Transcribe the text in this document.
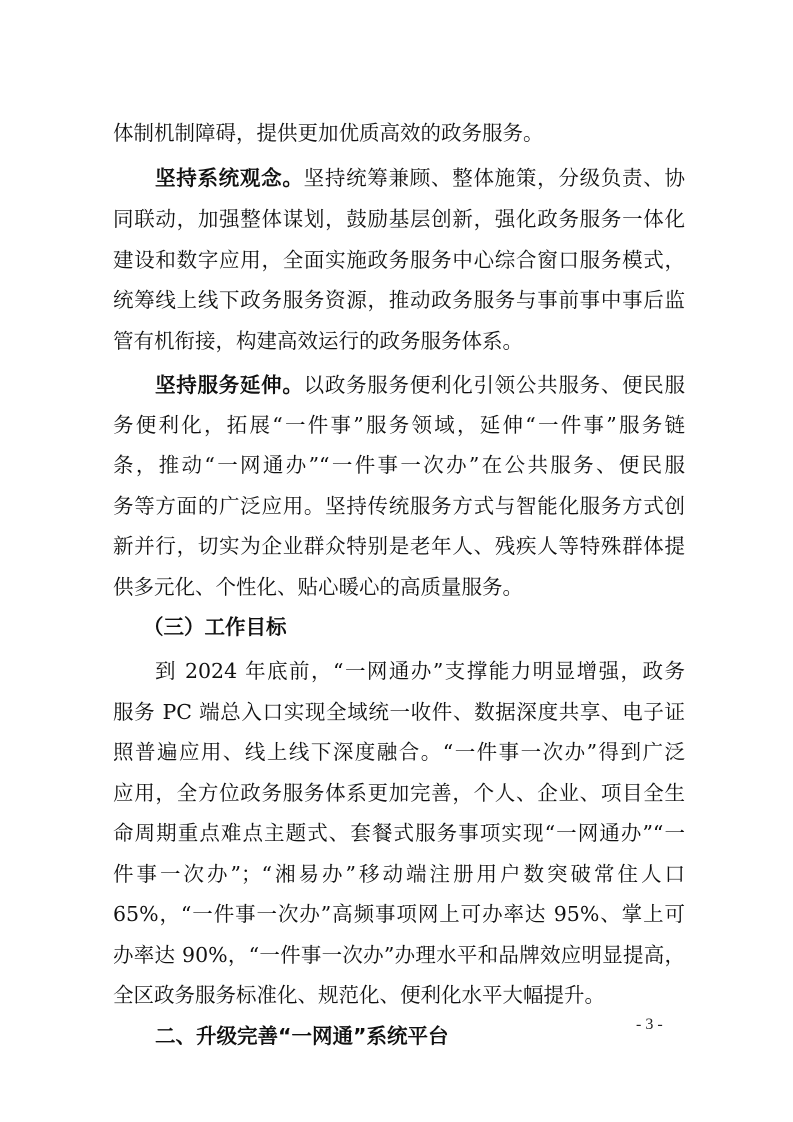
体制机制障碍，提供更加优质高效的政务服务。
坚持系统观念。坚持统筹兼顾、整体施策，分级负责、协
同联动，加强整体谋划，鼓励基层创新，强化政务服务一体化
建设和数字应用，全面实施政务服务中心综合窗口服务模式，
统筹线上线下政务服务资源，推动政务服务与事前事中事后监
管有机衔接，构建高效运行的政务服务体系。
坚持服务延伸。以政务服务便利化引领公共服务、便民服
务便利化，拓展“一件事”服务领域，延伸“一件事”服务链
条，推动“一网通办”“一件事一次办”在公共服务、便民服
务等方面的广泛应用。坚持传统服务方式与智能化服务方式创
新并行，切实为企业群众特别是老年人、残疾人等特殊群体提
供多元化、个性化、贴心暖心的高质量服务。
（三）工作目标
到 2024 年底前，“一网通办”支撑能力明显增强，政务
服务 PC 端总入口实现全域统一收件、数据深度共享、电子证
照普遍应用、线上线下深度融合。“一件事一次办”得到广泛
应用，全方位政务服务体系更加完善，个人、企业、项目全生
命周期重点难点主题式、套餐式服务事项实现“一网通办”“一
件事一次办”；“湘易办”移动端注册用户数突破常住人口
65%，“一件事一次办”高频事项网上可办率达 95%、掌上可
办率达 90%，“一件事一次办”办理水平和品牌效应明显提高，
全区政务服务标准化、规范化、便利化水平大幅提升。
二、升级完善“一网通”系统平台	- 3 -
